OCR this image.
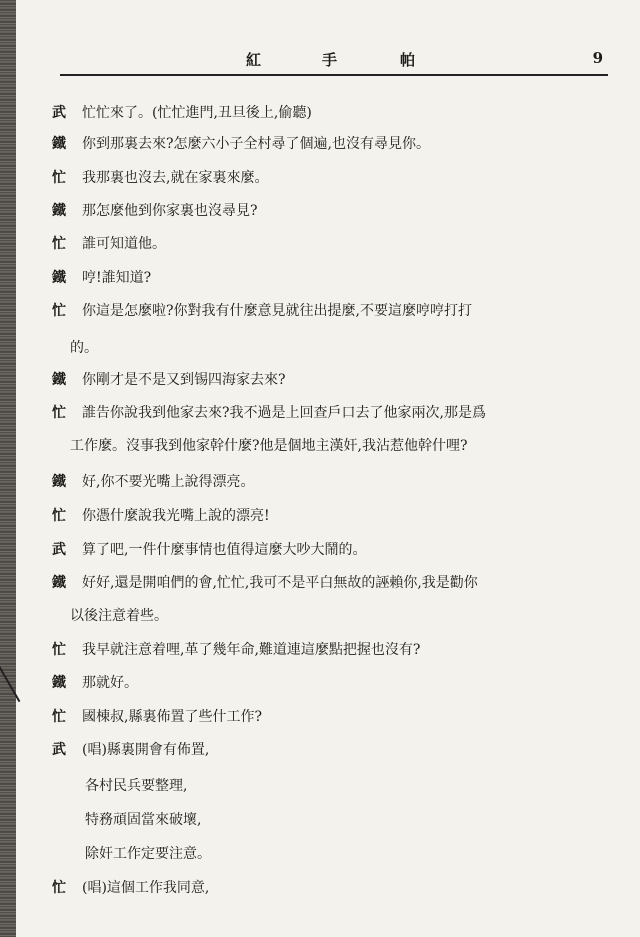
紅	手	帕	9
武	忙忙來了。(忙忙進門,丑旦後上,偷聽)
鐵	你到那裏去來?怎麼六小子全村尋了個遍,也沒有尋見你。
忙	我那裏也沒去,就在家裏來麼。
鐵	那怎麼他到你家裏也沒尋見?
忙	誰可知道他。
鐵	哼!誰知道?
忙	你這是怎麼啦?你對我有什麼意見就往出提麼,不要這麼哼哼打打
的。
鐵	你剛才是不是又到锡四海家去來?
忙	誰告你說我到他家去來?我不過是上回查戶口去了他家兩次,那是爲
工作麼。沒事我到他家幹什麼?他是個地主漢奸,我沾惹他幹什哩?
鐵	好,你不要光嘴上說得漂亮。
忙	你憑什麼說我光嘴上說的漂亮!
武	算了吧,一件什麼事情也值得這麼大吵大鬧的。
鐵	好好,還是開咱們的會,忙忙,我可不是平白無故的誣賴你,我是勸你
以後注意着些。
忙	我早就注意着哩,革了幾年命,難道連這麼點把握也沒有?
鐵	那就好。
忙	國棟叔,縣裏佈置了些什工作?
武	(唱)縣裏開會有佈置,
各村民兵要整理,
特務頑固當來破壞,
除奸工作定要注意。
忙	(唱)這個工作我同意,
